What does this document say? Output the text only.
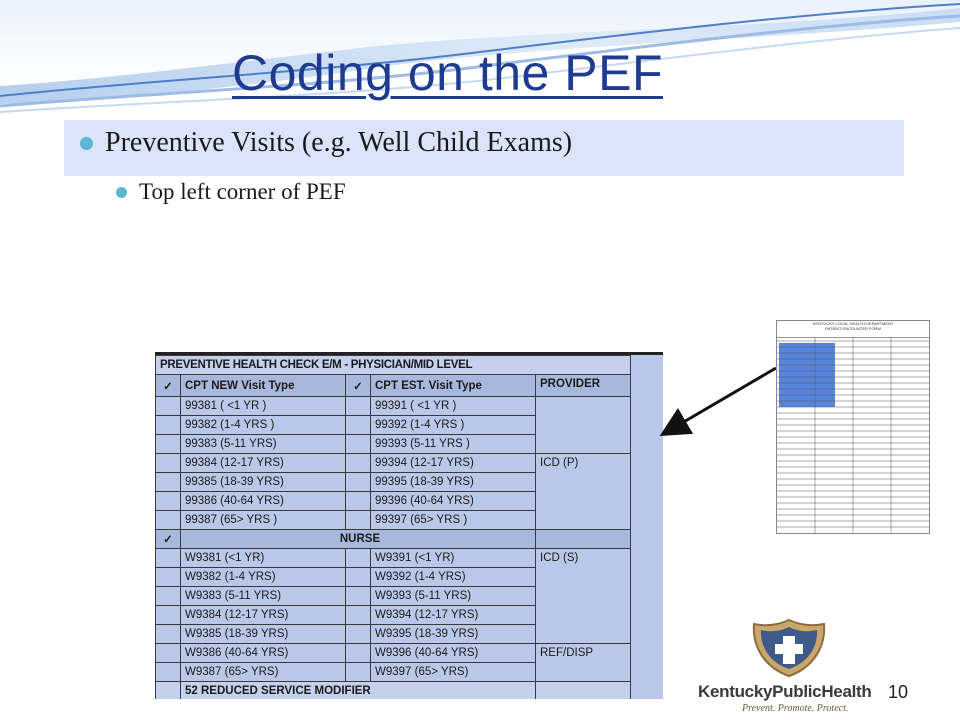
Coding on the PEF
Preventive Visits (e.g. Well Child Exams)
Top left corner of PEF
PREVENTIVE HEALTH CHECK E/M - PHYSICIAN/MID LEVEL				
✓	CPT NEW Visit Type	✓	CPT EST. Visit Type	PROVIDER
	99381 ( <1 YR )		99391 ( <1 YR )	
	99382 (1-4 YRS )		99392 (1-4 YRS )	
	99383 (5-11 YRS)		99393 (5-11 YRS )	
	99384 (12-17 YRS)		99394 (12-17 YRS)	ICD (P)
	99385 (18-39 YRS)		99395 (18-39 YRS)	
	99386 (40-64 YRS)		99396 (40-64 YRS)	
	99387 (65> YRS )		99397 (65> YRS )	
✓	NURSE			
	W9381 (<1 YR)		W9391 (<1 YR)	ICD (S)
	W9382 (1-4 YRS)		W9392 (1-4 YRS)	
	W9383 (5-11 YRS)		W9393 (5-11 YRS)	
	W9384 (12-17 YRS)		W9394 (12-17 YRS)	
	W9385 (18-39 YRS)		W9395 (18-39 YRS)	
	W9386 (40-64 YRS)		W9396 (40-64 YRS)	REF/DISP
	W9387 (65> YRS)		W9397 (65> YRS)	
	52 REDUCED SERVICE MODIFIER			
KENTUCKY LOCAL HEALTH DEPARTMENT
PATIENT ENCOUNTER FORM
KentuckyPublicHealth
Prevent. Promote. Protect.
10
